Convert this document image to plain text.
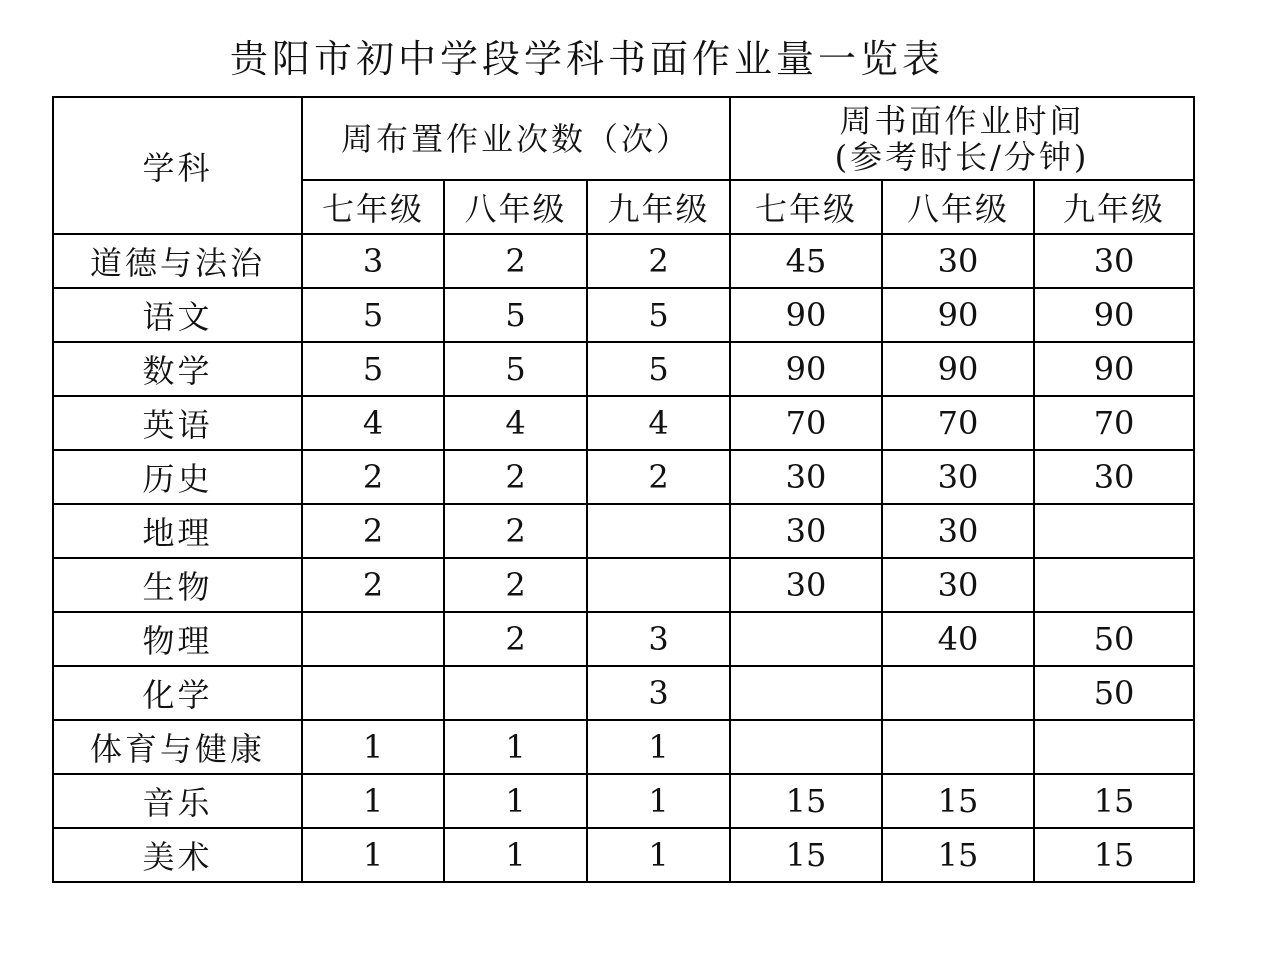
贵阳市初中学段学科书面作业量一览表
学科	周布置作业次数（次）			周书面作业时间
(参考时长/分钟)		

	七年级	八年级	九年级	七年级	八年级	九年级
道德与法治	3	2	2	45	30	30
语文	5	5	5	90	90	90
数学	5	5	5	90	90	90
英语	4	4	4	70	70	70
历史	2	2	2	30	30	30
地理	2	2		30	30	
生物	2	2		30	30	
物理		2	3		40	50
化学			3			50
体育与健康	1	1	1			
音乐	1	1	1	15	15	15
美术	1	1	1	15	15	15
